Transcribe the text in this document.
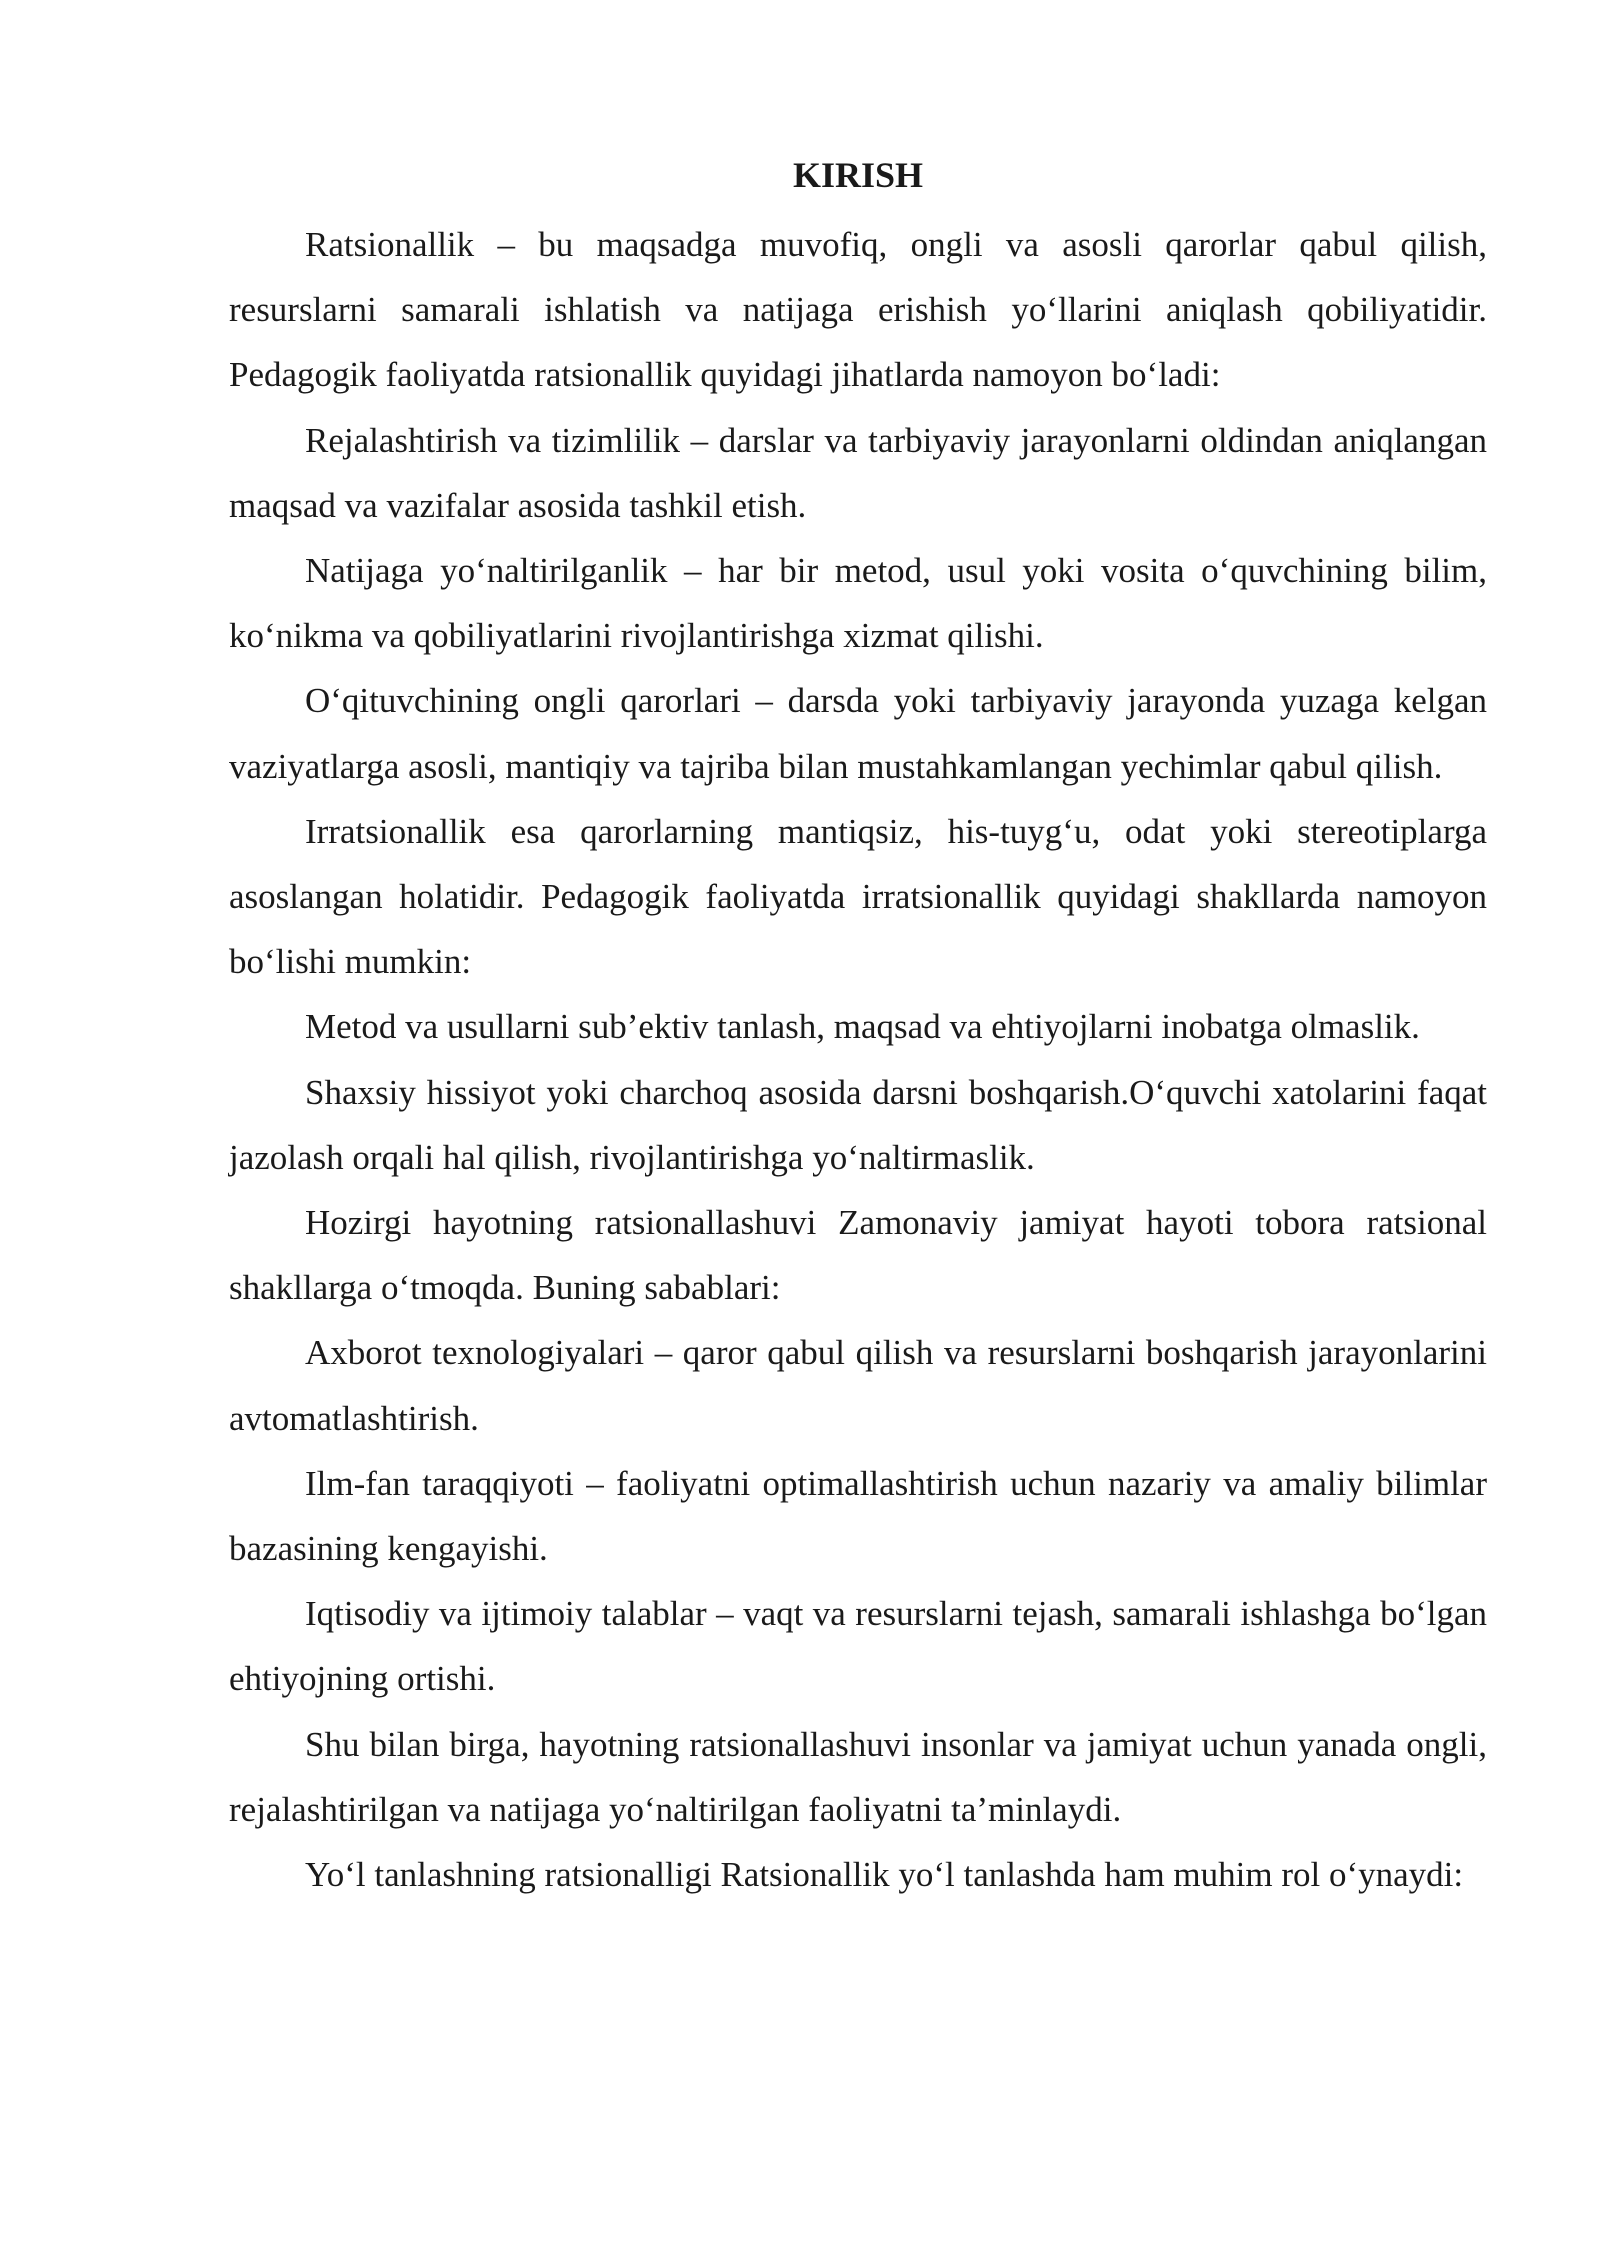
KIRISH

Ratsionallik – bu maqsadga muvofiq, ongli va asosli qarorlar qabul qilish, resurslarni samarali ishlatish va natijaga erishish yo‘llarini aniqlash qobiliyatidir. Pedagogik faoliyatda ratsionallik quyidagi jihatlarda namoyon bo‘ladi:

Rejalashtirish va tizimlilik – darslar va tarbiyaviy jarayonlarni oldindan aniqlangan maqsad va vazifalar asosida tashkil etish.

Natijaga yo‘naltirilganlik – har bir metod, usul yoki vosita o‘quvchining bilim, ko‘nikma va qobiliyatlarini rivojlantirishga xizmat qilishi.

O‘qituvchining ongli qarorlari – darsda yoki tarbiyaviy jarayonda yuzaga kelgan vaziyatlarga asosli, mantiqiy va tajriba bilan mustahkamlangan yechimlar qabul qilish.

Irratsionallik esa qarorlarning mantiqsiz, his-tuyg‘u, odat yoki stereotiplarga asoslangan holatidir. Pedagogik faoliyatda irratsionallik quyidagi shakllarda namoyon bo‘lishi mumkin:

Metod va usullarni sub’ektiv tanlash, maqsad va ehtiyojlarni inobatga olmaslik.

Shaxsiy hissiyot yoki charchoq asosida darsni boshqarish.O‘quvchi xatolarini faqat jazolash orqali hal qilish, rivojlantirishga yo‘naltirmaslik.

Hozirgi hayotning ratsionallashuvi Zamonaviy jamiyat hayoti tobora ratsional shakllarga o‘tmoqda. Buning sabablari:

Axborot texnologiyalari – qaror qabul qilish va resurslarni boshqarish jarayonlarini avtomatlashtirish.

Ilm-fan taraqqiyoti – faoliyatni optimallashtirish uchun nazariy va amaliy bilimlar bazasining kengayishi.

Iqtisodiy va ijtimoiy talablar – vaqt va resurslarni tejash, samarali ishlashga bo‘lgan ehtiyojning ortishi.

Shu bilan birga, hayotning ratsionallashuvi insonlar va jamiyat uchun yanada ongli, rejalashtirilgan va natijaga yo‘naltirilgan faoliyatni ta’minlaydi.

Yo‘l tanlashning ratsionalligi Ratsionallik yo‘l tanlashda ham muhim rol o‘ynaydi:
